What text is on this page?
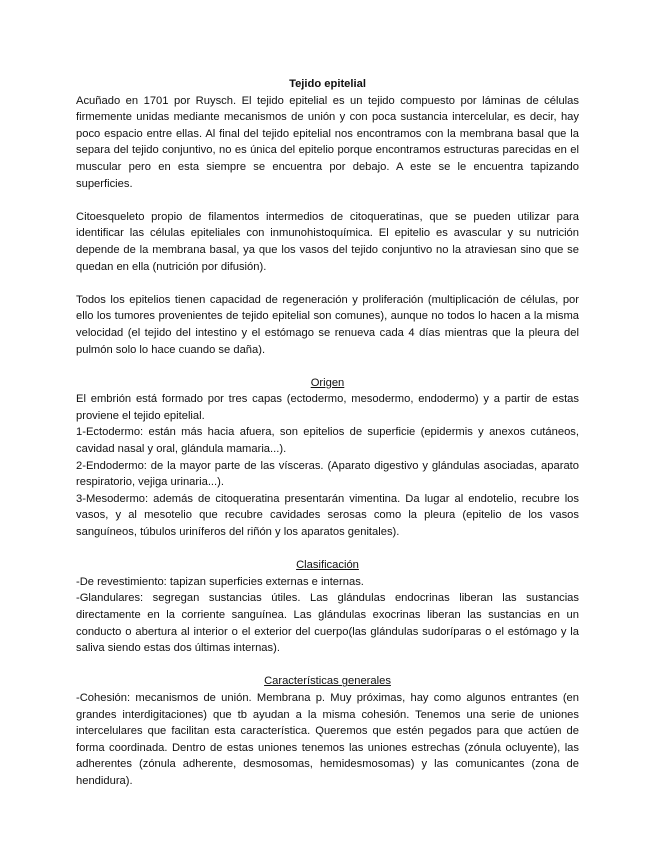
Tejido epitelial

Acuñado en 1701 por Ruysch. El tejido epitelial es un tejido compuesto por láminas de células firmemente unidas mediante mecanismos de unión y con poca sustancia intercelular, es decir, hay poco espacio entre ellas. Al final del tejido epitelial nos encontramos con la membrana basal que la separa del tejido conjuntivo, no es única del epitelio porque encontramos estructuras parecidas en el muscular pero en esta siempre se encuentra por debajo. A este se le encuentra tapizando superficies.

Citoesqueleto propio de filamentos intermedios de citoqueratinas, que se pueden utilizar para identificar las células epiteliales con inmunohistoquímica. El epitelio es avascular y su nutrición depende de la membrana basal, ya que los vasos del tejido conjuntivo no la atraviesan sino que se quedan en ella (nutrición por difusión).

Todos los epitelios tienen capacidad de regeneración y proliferación (multiplicación de células, por ello los tumores provenientes de tejido epitelial son comunes), aunque no todos lo hacen a la misma velocidad (el tejido del intestino y el estómago se renueva cada 4 días mientras que la pleura del pulmón solo lo hace cuando se daña).

Origen

El embrión está formado por tres capas (ectodermo, mesodermo, endodermo) y a partir de estas proviene el tejido epitelial.

1-Ectodermo: están más hacia afuera, son epitelios de superficie (epidermis y anexos cutáneos, cavidad nasal y oral, glándula mamaria...).

2-Endodermo: de la mayor parte de las vísceras. (Aparato digestivo y glándulas asociadas, aparato respiratorio, vejiga urinaria...).

3-Mesodermo: además de citoqueratina presentarán vimentina. Da lugar al endotelio, recubre los vasos, y al mesotelio que recubre cavidades serosas como la pleura (epitelio de los vasos sanguíneos, túbulos uriníferos del riñón y los aparatos genitales).

Clasificación

-De revestimiento: tapizan superficies externas e internas.

-Glandulares: segregan sustancias útiles. Las glándulas endocrinas liberan las sustancias directamente en la corriente sanguínea. Las glándulas exocrinas liberan las sustancias en un conducto o abertura al interior o el exterior del cuerpo(las glándulas sudoríparas o el estómago y la saliva siendo estas dos últimas internas).

Características generales

-Cohesión: mecanismos de unión. Membrana p. Muy próximas, hay como algunos entrantes (en grandes interdigitaciones) que tb ayudan a la misma cohesión. Tenemos una serie de uniones intercelulares que facilitan esta característica. Queremos que estén pegados para que actúen de forma coordinada. Dentro de estas uniones tenemos las uniones estrechas (zónula ocluyente), las adherentes (zónula adherente, desmosomas, hemidesmosomas) y las comunicantes (zona de hendidura).
